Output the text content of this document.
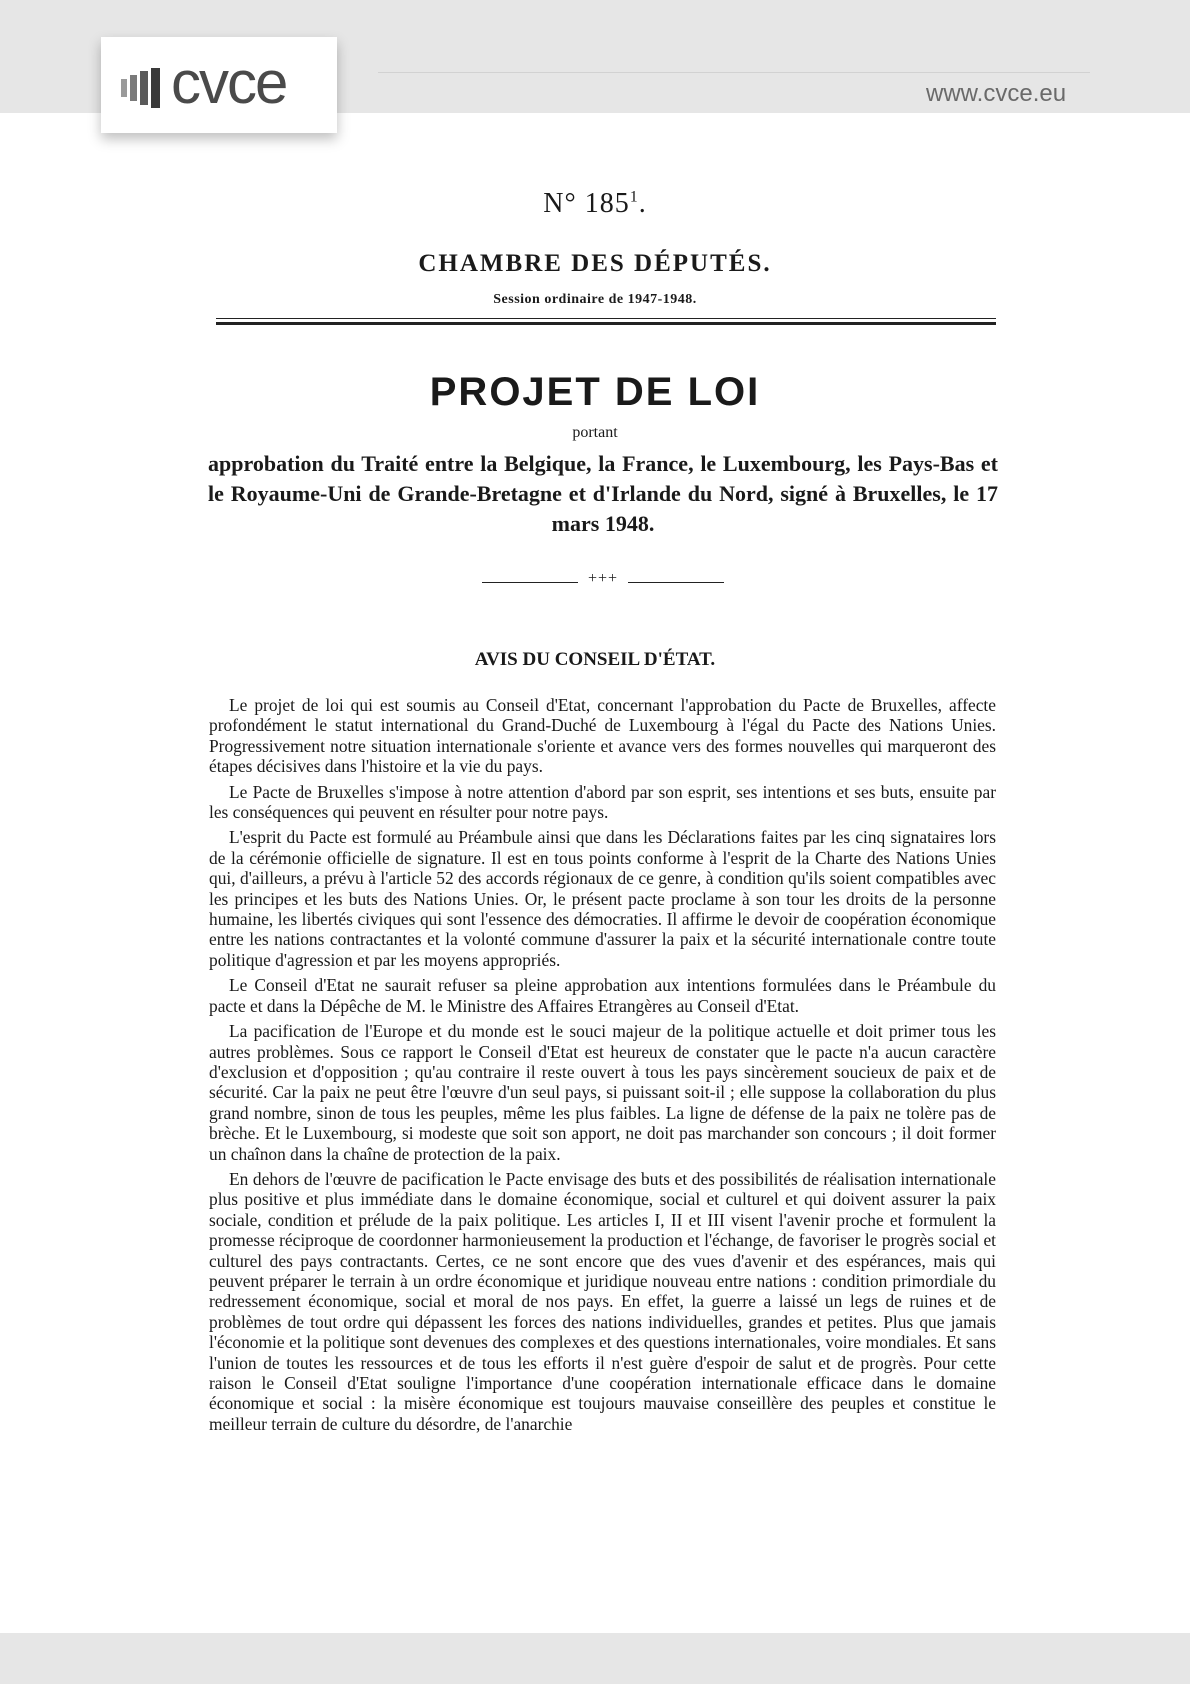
cvce	www.cvce.eu
N° $185^1$.
CHAMBRE DES DÉPUTÉS.
Session ordinaire de 1947-1948.
PROJET DE LOI
portant
approbation du Traité entre la Belgique, la France, le Luxembourg, les Pays-Bas et le Royaume-Uni de Grande-Bretagne et d'Irlande du Nord, signé à Bruxelles, le 17 mars 1948.
+++
AVIS DU CONSEIL D'ÉTAT.

Le projet de loi qui est soumis au Conseil d'Etat, concernant l'approbation du Pacte de Bruxelles, affecte profondément le statut international du Grand-Duché de Luxembourg à l'égal du Pacte des Nations Unies. Progressivement notre situation internationale s'oriente et avance vers des formes nouvelles qui marqueront des étapes décisives dans l'histoire et la vie du pays.

Le Pacte de Bruxelles s'impose à notre attention d'abord par son esprit, ses intentions et ses buts, ensuite par les conséquences qui peuvent en résulter pour notre pays.

L'esprit du Pacte est formulé au Préambule ainsi que dans les Déclarations faites par les cinq signataires lors de la cérémonie officielle de signature. Il est en tous points conforme à l'esprit de la Charte des Nations Unies qui, d'ailleurs, a prévu à l'article 52 des accords régionaux de ce genre, à condition qu'ils soient compatibles avec les principes et les buts des Nations Unies. Or, le présent pacte proclame à son tour les droits de la personne humaine, les libertés civiques qui sont l'essence des démocraties. Il affirme le devoir de coopération économique entre les nations contractantes et la volonté commune d'assurer la paix et la sécurité internationale contre toute politique d'agression et par les moyens appropriés.

Le Conseil d'Etat ne saurait refuser sa pleine approbation aux intentions formulées dans le Préambule du pacte et dans la Dépêche de M. le Ministre des Affaires Etrangères au Conseil d'Etat.

La pacification de l'Europe et du monde est le souci majeur de la politique actuelle et doit primer tous les autres problèmes. Sous ce rapport le Conseil d'Etat est heureux de constater que le pacte n'a aucun caractère d'exclusion et d'opposition ; qu'au contraire il reste ouvert à tous les pays sincèrement soucieux de paix et de sécurité. Car la paix ne peut être l'œuvre d'un seul pays, si puissant soit-il ; elle suppose la collaboration du plus grand nombre, sinon de tous les peuples, même les plus faibles. La ligne de défense de la paix ne tolère pas de brèche. Et le Luxembourg, si modeste que soit son apport, ne doit pas marchander son concours ; il doit former un chaînon dans la chaîne de protection de la paix.

En dehors de l'œuvre de pacification le Pacte envisage des buts et des possibilités de réalisation internationale plus positive et plus immédiate dans le domaine économique, social et culturel et qui doivent assurer la paix sociale, condition et prélude de la paix politique. Les articles I, II et III visent l'avenir proche et formulent la promesse réciproque de coordonner harmonieusement la production et l'échange, de favoriser le progrès social et culturel des pays contractants. Certes, ce ne sont encore que des vues d'avenir et des espérances, mais qui peuvent préparer le terrain à un ordre économique et juridique nouveau entre nations : condition primordiale du redressement économique, social et moral de nos pays. En effet, la guerre a laissé un legs de ruines et de problèmes de tout ordre qui dépassent les forces des nations individuelles, grandes et petites. Plus que jamais l'économie et la politique sont devenues des complexes et des questions internationales, voire mondiales. Et sans l'union de toutes les ressources et de tous les efforts il n'est guère d'espoir de salut et de progrès. Pour cette raison le Conseil d'Etat souligne l'importance d'une coopération internationale efficace dans le domaine économique et social : la misère économique est toujours mauvaise conseillère des peuples et constitue le meilleur terrain de culture du désordre, de l'anarchie
